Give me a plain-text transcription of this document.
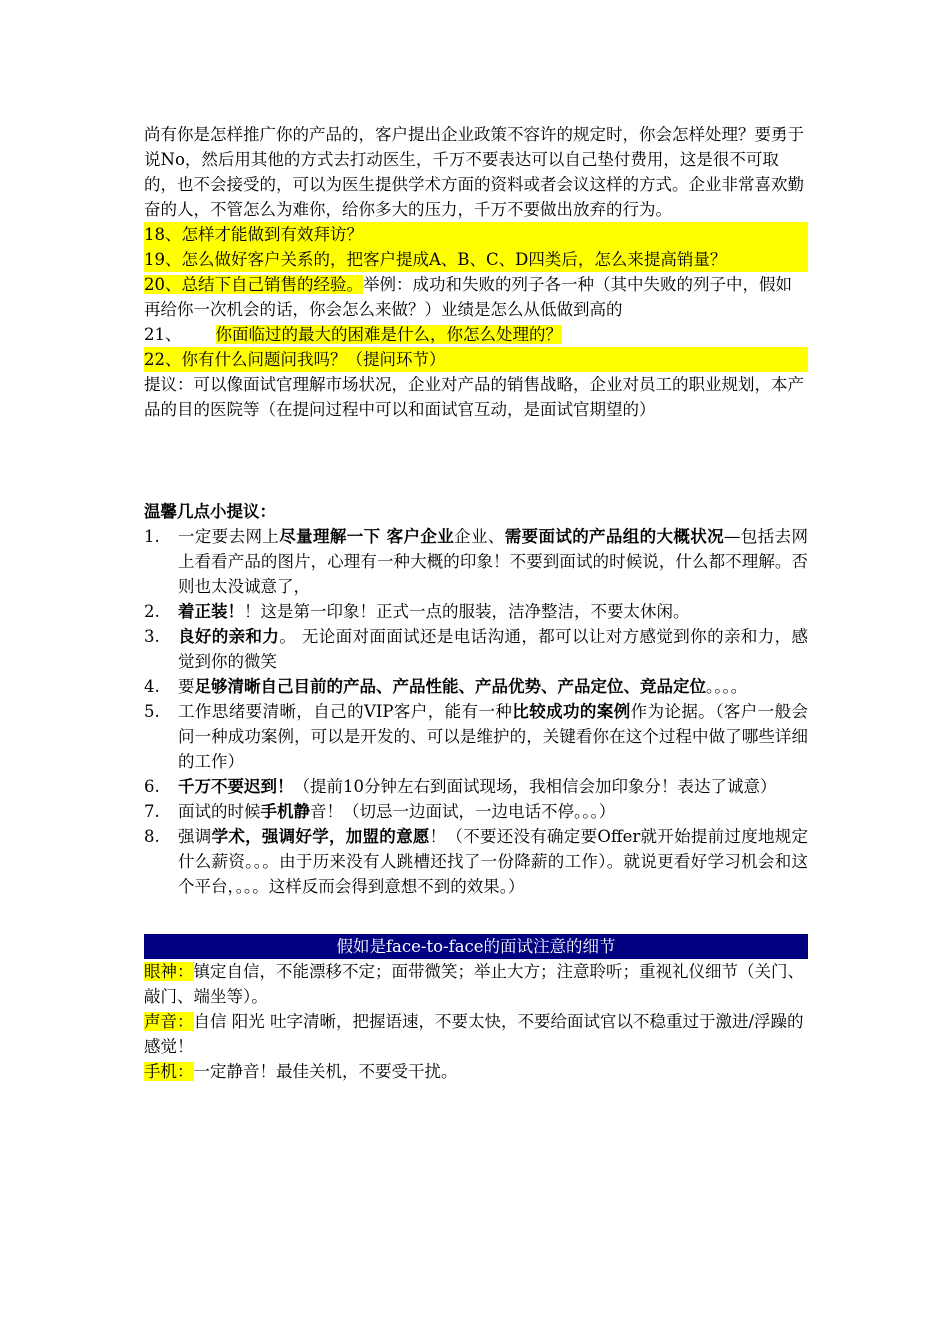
尚有你是怎样推广你的产品的，客户提出企业政策不容许的规定时，你会怎样处理？要勇于说No，然后用其他的方式去打动医生，千万不要表达可以自己垫付费用，这是很不可取的，也不会接受的，可以为医生提供学术方面的资料或者会议这样的方式。企业非常喜欢勤奋的人，不管怎么为难你，给你多大的压力，千万不要做出放弃的行为。

18、怎样才能做到有效拜访？

19、怎么做好客户关系的，把客户提成A、B、C、D四类后，怎么来提高销量？

20、总结下自己销售的经验。举例：成功和失败的列子各一种（其中失败的列子中，假如再给你一次机会的话，你会怎么来做？）业绩是怎么从低做到高的

21、 你面临过的最大的困难是什么，你怎么处理的？

22、你有什么问题问我吗？（提问环节）

提议：可以像面试官理解市场状况，企业对产品的销售战略，企业对员工的职业规划，本产品的目的医院等（在提问过程中可以和面试官互动，是面试官期望的）

温馨几点小提议：

1.	一定要去网上尽量理解一下 客户企业企业、需要面试的产品组的大概状况—包括去网上看看产品的图片，心理有一种大概的印象！不要到面试的时候说，什么都不理解。否则也太没诚意了，
2.	着正装！！这是第一印象！正式一点的服装，洁净整洁，不要太休闲。
3.	良好的亲和力。 无论面对面面试还是电话沟通，都可以让对方感觉到你的亲和力，感觉到你的微笑
4.	要足够清晰自己目前的产品、产品性能、产品优势、产品定位、竞品定位。。。。
5.	工作思绪要清晰，自己的VIP客户，能有一种比较成功的案例作为论据。（客户一般会问一种成功案例，可以是开发的、可以是维护的，关键看你在这个过程中做了哪些详细的工作）
6.	千万不要迟到！（提前10分钟左右到面试现场，我相信会加印象分！表达了诚意）
7.	面试的时候手机静音！（切忌一边面试，一边电话不停。。。）
8.	强调学术，强调好学，加盟的意愿！（不要还没有确定要Offer就开始提前过度地规定什么薪资。。。由于历来没有人跳槽还找了一份降薪的工作）。就说更看好学习机会和这个平台，。。。这样反而会得到意想不到的效果。）

假如是face-to-face的面试注意的细节

眼神：镇定自信，不能漂移不定；面带微笑；举止大方；注意聆听；重视礼仪细节（关门、敲门、端坐等）。

声音：自信 阳光 吐字清晰，把握语速，不要太快，不要给面试官以不稳重过于激进/浮躁的感觉！

手机：一定静音！最佳关机，不要受干扰。
